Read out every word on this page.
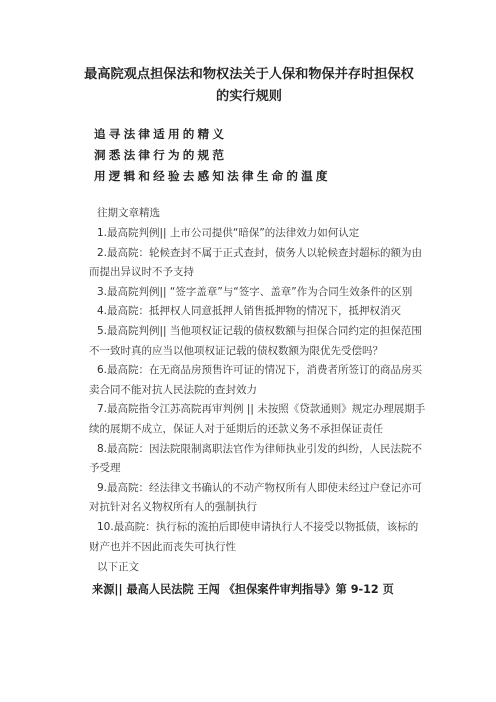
最高院观点担保法和物权法关于人保和物保并存时担保权的实行规则
追寻法律适用的精义
洞悉法律行为的规范
用逻辑和经验去感知法律生命的温度
往期文章精选
1.最高院判例|| 上市公司提供“暗保”的法律效力如何认定
2.最高院：轮候查封不属于正式查封，债务人以轮候查封超标的额为由而提出异议时不予支持
3.最高院判例|| “签字盖章”与“签字、盖章”作为合同生效条件的区别
4.最高院：抵押权人同意抵押人销售抵押物的情况下，抵押权消灭
5.最高院判例|| 当他项权证记载的债权数额与担保合同约定的担保范围不一致时真的应当以他项权证记载的债权数额为限优先受偿吗？
6.最高院：在无商品房预售许可证的情况下，消费者所签订的商品房买卖合同不能对抗人民法院的查封效力
7.最高院指令江苏高院再审判例 || 未按照《贷款通则》规定办理展期手续的展期不成立，保证人对于延期后的还款义务不承担保证责任
8.最高院：因法院限制离职法官作为律师执业引发的纠纷，人民法院不予受理
9.最高院：经法律文书确认的不动产物权所有人即使未经过户登记亦可对抗针对名义物权所有人的强制执行
10.最高院：执行标的流拍后即使申请执行人不接受以物抵债，该标的财产也并不因此而丧失可执行性
以下正文
来源|| 最高人民法院 王闯 《担保案件审判指导》第 9-12 页
